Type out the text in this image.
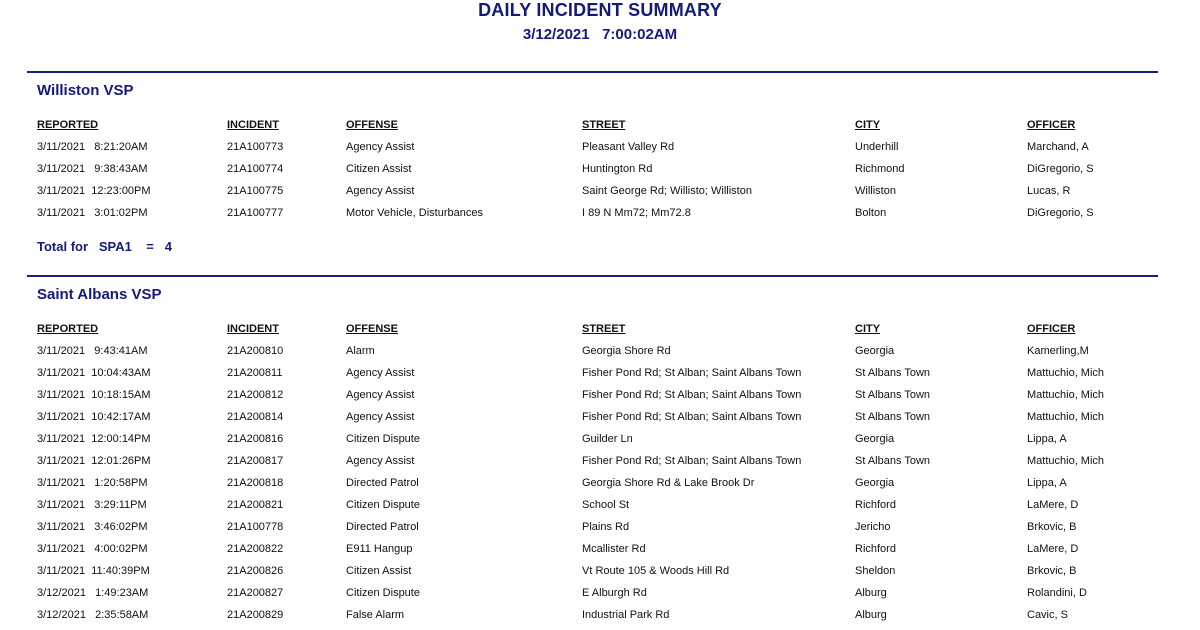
DAILY INCIDENT SUMMARY
3/12/2021   7:00:02AM
Williston VSP
REPORTED	INCIDENT	OFFENSE	STREET	CITY	OFFICER
3/11/2021   8:21:20AM	21A100773	Agency Assist	Pleasant Valley Rd	Underhill	Marchand, A
3/11/2021   9:38:43AM	21A100774	Citizen Assist	Huntington Rd	Richmond	DiGregorio, S
3/11/2021  12:23:00PM	21A100775	Agency Assist	Saint George Rd; Willisto; Williston	Williston	Lucas, R
3/11/2021   3:01:02PM	21A100777	Motor Vehicle, Disturbances	I 89 N Mm72; Mm72.8	Bolton	DiGregorio, S
Total for   SPA1    =   4
Saint Albans VSP
REPORTED	INCIDENT	OFFENSE	STREET	CITY	OFFICER
3/11/2021   9:43:41AM	21A200810	Alarm	Georgia Shore Rd	Georgia	Kamerling,M
3/11/2021  10:04:43AM	21A200811	Agency Assist	Fisher Pond Rd; St Alban; Saint Albans Town	St Albans Town	Mattuchio, Mich
3/11/2021  10:18:15AM	21A200812	Agency Assist	Fisher Pond Rd; St Alban; Saint Albans Town	St Albans Town	Mattuchio, Mich
3/11/2021  10:42:17AM	21A200814	Agency Assist	Fisher Pond Rd; St Alban; Saint Albans Town	St Albans Town	Mattuchio, Mich
3/11/2021  12:00:14PM	21A200816	Citizen Dispute	Guilder Ln	Georgia	Lippa, A
3/11/2021  12:01:26PM	21A200817	Agency Assist	Fisher Pond Rd; St Alban; Saint Albans Town	St Albans Town	Mattuchio, Mich
3/11/2021   1:20:58PM	21A200818	Directed Patrol	Georgia Shore Rd & Lake Brook Dr	Georgia	Lippa, A
3/11/2021   3:29:11PM	21A200821	Citizen Dispute	School St	Richford	LaMere, D
3/11/2021   3:46:02PM	21A100778	Directed Patrol	Plains Rd	Jericho	Brkovic, B
3/11/2021   4:00:02PM	21A200822	E911 Hangup	Mcallister Rd	Richford	LaMere, D
3/11/2021  11:40:39PM	21A200826	Citizen Assist	Vt Route 105 & Woods Hill Rd	Sheldon	Brkovic, B
3/12/2021   1:49:23AM	21A200827	Citizen Dispute	E Alburgh Rd	Alburg	Rolandini, D
3/12/2021   2:35:58AM	21A200829	False Alarm	Industrial Park Rd	Alburg	Cavic, S
